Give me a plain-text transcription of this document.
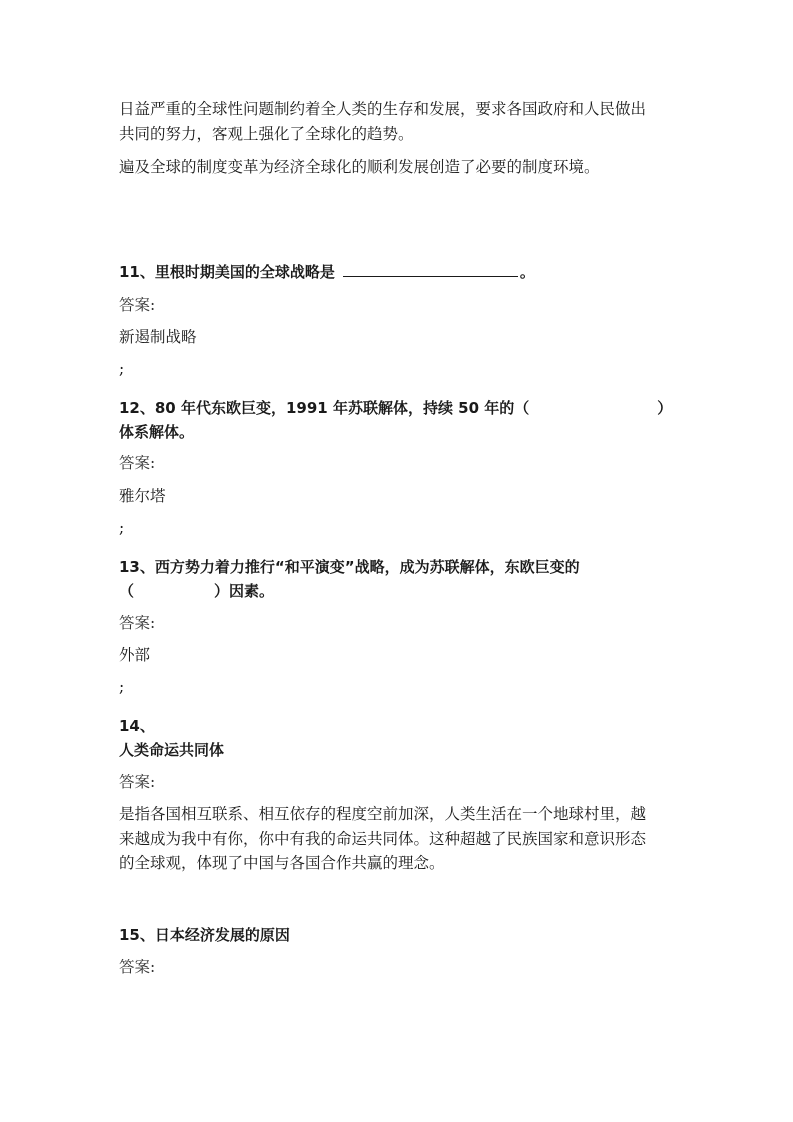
日益严重的全球性问题制约着全人类的生存和发展，要求各国政府和人民做出
共同的努力，客观上强化了全球化的趋势。
遍及全球的制度变革为经济全球化的顺利发展创造了必要的制度环境。
11、里根时期美国的全球战略是	。
答案:
新遏制战略
;
12、80 年代东欧巨变，1991 年苏联解体，持续 50 年的（	）
体系解体。
答案:
雅尔塔
;
13、西方势力着力推行“和平演变”战略，成为苏联解体，东欧巨变的
（	）因素。
答案:
外部
;
14、
人类命运共同体
答案:
是指各国相互联系、相互依存的程度空前加深，人类生活在一个地球村里，越
来越成为我中有你，你中有我的命运共同体。这种超越了民族国家和意识形态
的全球观，体现了中国与各国合作共赢的理念。
15、日本经济发展的原因
答案:
